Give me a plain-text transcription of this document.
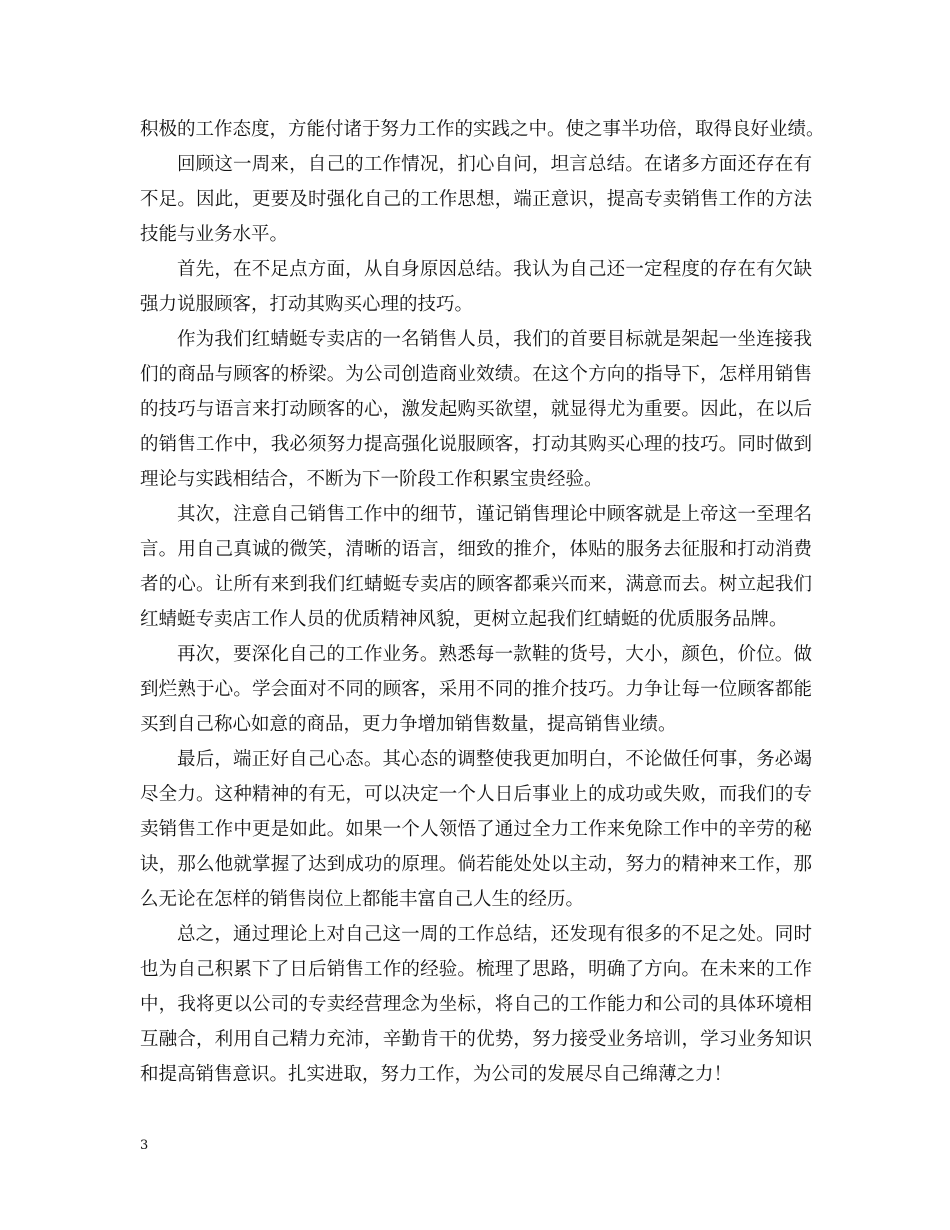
积极的工作态度，方能付诸于努力工作的实践之中。使之事半功倍，取得良好业绩。
回顾这一周来，自己的工作情况，扪心自问，坦言总结。在诸多方面还存在有
不足。因此，更要及时强化自己的工作思想，端正意识，提高专卖销售工作的方法
技能与业务水平。
首先，在不足点方面，从自身原因总结。我认为自己还一定程度的存在有欠缺
强力说服顾客，打动其购买心理的技巧。
作为我们红蜻蜓专卖店的一名销售人员，我们的首要目标就是架起一坐连接我
们的商品与顾客的桥梁。为公司创造商业效绩。在这个方向的指导下，怎样用销售
的技巧与语言来打动顾客的心，激发起购买欲望，就显得尤为重要。因此，在以后
的销售工作中，我必须努力提高强化说服顾客，打动其购买心理的技巧。同时做到
理论与实践相结合，不断为下一阶段工作积累宝贵经验。
其次，注意自己销售工作中的细节，谨记销售理论中顾客就是上帝这一至理名
言。用自己真诚的微笑，清晰的语言，细致的推介，体贴的服务去征服和打动消费
者的心。让所有来到我们红蜻蜓专卖店的顾客都乘兴而来，满意而去。树立起我们
红蜻蜓专卖店工作人员的优质精神风貌，更树立起我们红蜻蜓的优质服务品牌。
再次，要深化自己的工作业务。熟悉每一款鞋的货号，大小，颜色，价位。做
到烂熟于心。学会面对不同的顾客，采用不同的推介技巧。力争让每一位顾客都能
买到自己称心如意的商品，更力争增加销售数量，提高销售业绩。
最后，端正好自己心态。其心态的调整使我更加明白，不论做任何事，务必竭
尽全力。这种精神的有无，可以决定一个人日后事业上的成功或失败，而我们的专
卖销售工作中更是如此。如果一个人领悟了通过全力工作来免除工作中的辛劳的秘
诀，那么他就掌握了达到成功的原理。倘若能处处以主动，努力的精神来工作，那
么无论在怎样的销售岗位上都能丰富自己人生的经历。
总之，通过理论上对自己这一周的工作总结，还发现有很多的不足之处。同时
也为自己积累下了日后销售工作的经验。梳理了思路，明确了方向。在未来的工作
中，我将更以公司的专卖经营理念为坐标，将自己的工作能力和公司的具体环境相
互融合，利用自己精力充沛，辛勤肯干的优势，努力接受业务培训，学习业务知识
和提高销售意识。扎实进取，努力工作，为公司的发展尽自己绵薄之力！
3
